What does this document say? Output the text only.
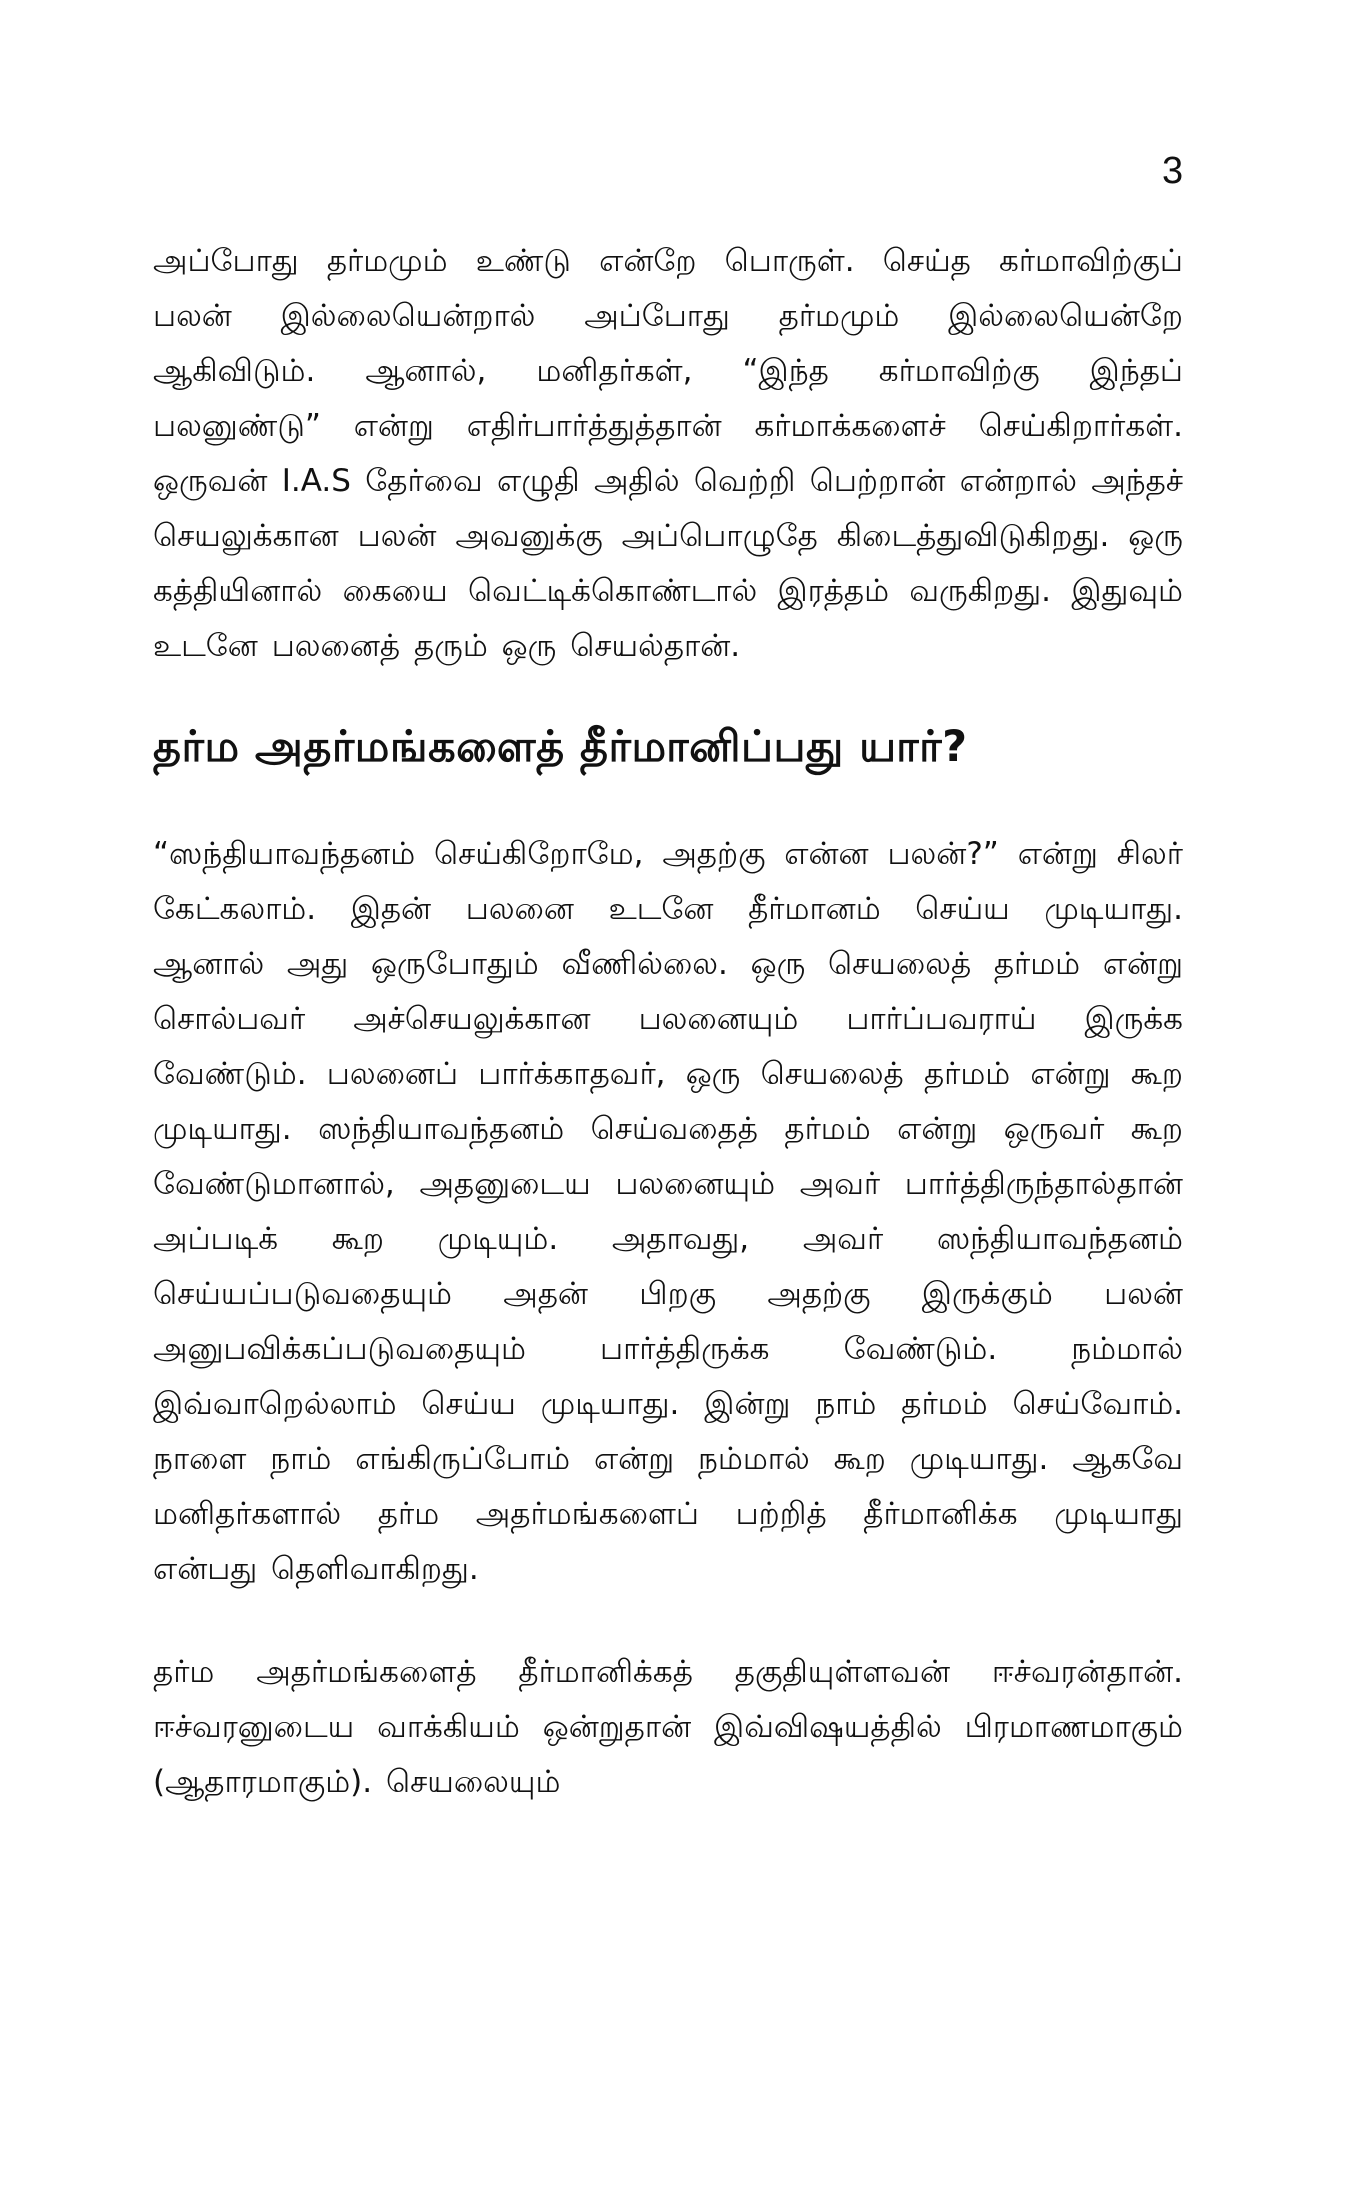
3

அப்போது தர்மமும் உண்டு என்றே பொருள். செய்த கர்மாவிற்குப் பலன் இல்லையென்றால் அப்போது தர்மமும் இல்லையென்றே ஆகிவிடும். ஆனால், மனிதர்கள், “இந்த கர்மாவிற்கு இந்தப் பலனுண்டு” என்று எதிர்பார்த்துத்தான் கர்மாக்களைச் செய்கிறார்கள். ஒருவன் I.A.S தேர்வை எழுதி அதில் வெற்றி பெற்றான் என்றால் அந்தச் செயலுக்கான பலன் அவனுக்கு அப்பொழுதே கிடைத்துவிடுகிறது. ஒரு கத்தியினால் கையை வெட்டிக்கொண்டால் இரத்தம் வருகிறது. இதுவும் உடனே பலனைத் தரும் ஒரு செயல்தான்.

தர்ம அதர்மங்களைத் தீர்மானிப்பது யார்?

“ஸந்தியாவந்தனம் செய்கிறோமே, அதற்கு என்ன பலன்?” என்று சிலர் கேட்கலாம். இதன் பலனை உடனே தீர்மானம் செய்ய முடியாது. ஆனால் அது ஒருபோதும் வீணில்லை. ஒரு செயலைத் தர்மம் என்று சொல்பவர் அச்செயலுக்கான பலனையும் பார்ப்பவராய் இருக்க வேண்டும். பலனைப் பார்க்காதவர், ஒரு செயலைத் தர்மம் என்று கூற முடியாது. ஸந்தியாவந்தனம் செய்வதைத் தர்மம் என்று ஒருவர் கூற வேண்டுமானால், அதனுடைய பலனையும் அவர் பார்த்திருந்தால்தான் அப்படிக் கூற முடியும். அதாவது, அவர் ஸந்தியாவந்தனம் செய்யப்படுவதையும் அதன் பிறகு அதற்கு இருக்கும் பலன் அனுபவிக்கப்படுவதையும் பார்த்திருக்க வேண்டும். நம்மால் இவ்வாறெல்லாம் செய்ய முடியாது. இன்று நாம் தர்மம் செய்வோம். நாளை நாம் எங்கிருப்போம் என்று நம்மால் கூற முடியாது. ஆகவே மனிதர்களால் தர்ம அதர்மங்களைப் பற்றித் தீர்மானிக்க முடியாது என்பது தெளிவாகிறது.

தர்ம அதர்மங்களைத் தீர்மானிக்கத் தகுதியுள்ளவன் ஈச்வரன்தான். ஈச்வரனுடைய வாக்கியம் ஒன்றுதான் இவ்விஷயத்தில் பிரமாணமாகும் (ஆதாரமாகும்). செயலையும்
